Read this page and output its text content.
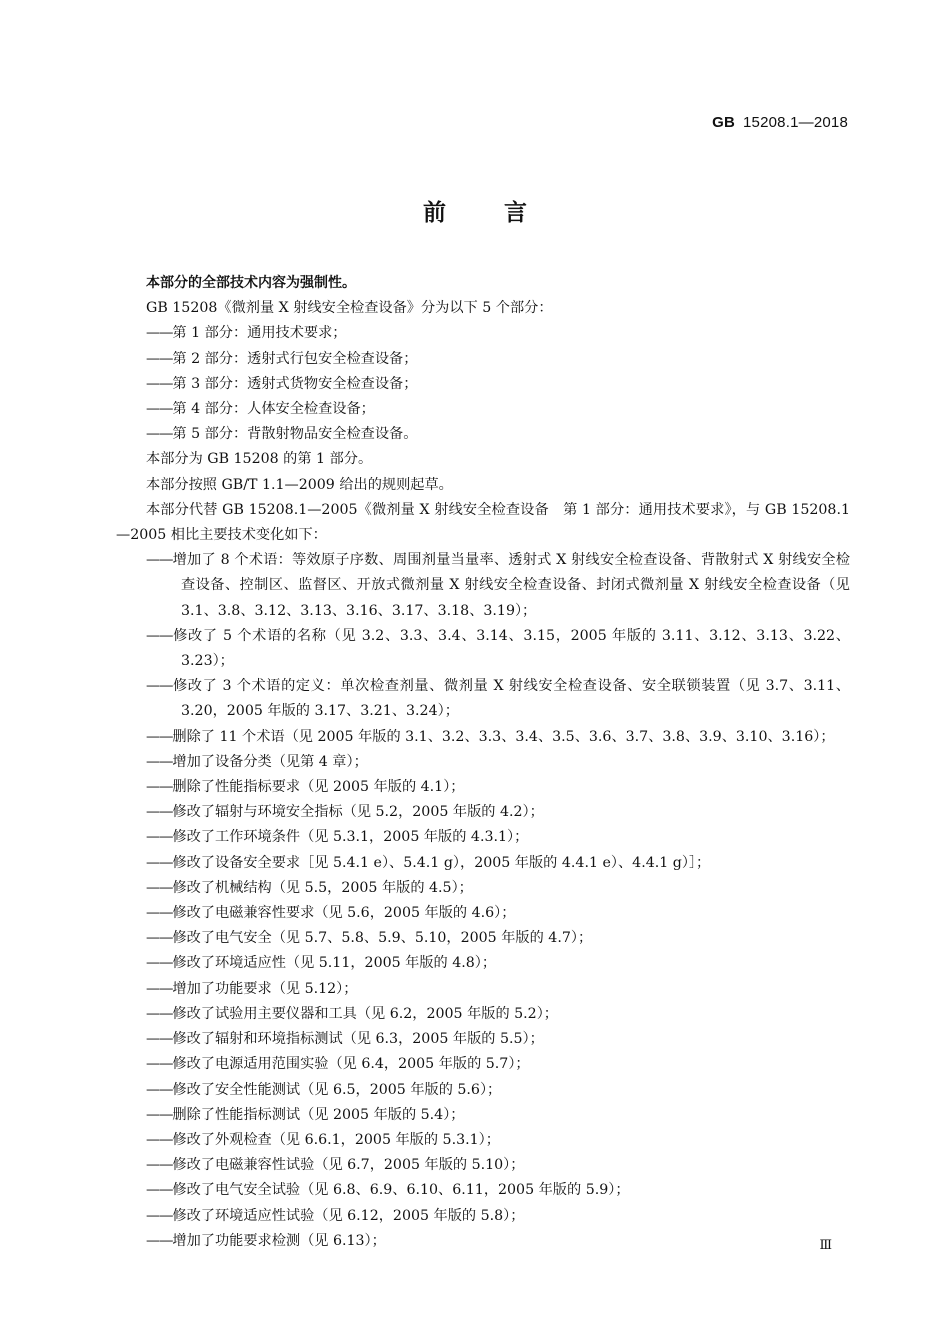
GB 15208.1—2018
前言

本部分的全部技术内容为强制性。

GB 15208《微剂量 X 射线安全检查设备》分为以下 5 个部分：

——第 1 部分：通用技术要求；
——第 2 部分：透射式行包安全检查设备；
——第 3 部分：透射式货物安全检查设备；
——第 4 部分：人体安全检查设备；
——第 5 部分：背散射物品安全检查设备。

本部分为 GB 15208 的第 1 部分。

本部分按照 GB/T 1.1—2009 给出的规则起草。

本部分代替 GB 15208.1—2005《微剂量 X 射线安全检查设备　第 1 部分：通用技术要求》，与 GB 15208.1—2005 相比主要技术变化如下：

——增加了 8 个术语：等效原子序数、周围剂量当量率、透射式 X 射线安全检查设备、背散射式 X 射线安全检查设备、控制区、监督区、开放式微剂量 X 射线安全检查设备、封闭式微剂量 X 射线安全检查设备（见 3.1、3.8、3.12、3.13、3.16、3.17、3.18、3.19）；
——修改了 5 个术语的名称（见 3.2、3.3、3.4、3.14、3.15，2005 年版的 3.11、3.12、3.13、3.22、3.23）；
——修改了 3 个术语的定义：单次检查剂量、微剂量 X 射线安全检查设备、安全联锁装置（见 3.7、3.11、3.20，2005 年版的 3.17、3.21、3.24）；
——删除了 11 个术语（见 2005 年版的 3.1、3.2、3.3、3.4、3.5、3.6、3.7、3.8、3.9、3.10、3.16）；
——增加了设备分类（见第 4 章）；
——删除了性能指标要求（见 2005 年版的 4.1）；
——修改了辐射与环境安全指标（见 5.2，2005 年版的 4.2）；
——修改了工作环境条件（见 5.3.1，2005 年版的 4.3.1）；
——修改了设备安全要求［见 5.4.1 e）、5.4.1 g），2005 年版的 4.4.1 e）、4.4.1 g）］；
——修改了机械结构（见 5.5，2005 年版的 4.5）；
——修改了电磁兼容性要求（见 5.6，2005 年版的 4.6）；
——修改了电气安全（见 5.7、5.8、5.9、5.10，2005 年版的 4.7）；
——修改了环境适应性（见 5.11，2005 年版的 4.8）；
——增加了功能要求（见 5.12）；
——修改了试验用主要仪器和工具（见 6.2，2005 年版的 5.2）；
——修改了辐射和环境指标测试（见 6.3，2005 年版的 5.5）；
——修改了电源适用范围实验（见 6.4，2005 年版的 5.7）；
——修改了安全性能测试（见 6.5，2005 年版的 5.6）；
——删除了性能指标测试（见 2005 年版的 5.4）；
——修改了外观检查（见 6.6.1，2005 年版的 5.3.1）；
——修改了电磁兼容性试验（见 6.7，2005 年版的 5.10）；
——修改了电气安全试验（见 6.8、6.9、6.10、6.11，2005 年版的 5.9）；
——修改了环境适应性试验（见 6.12，2005 年版的 5.8）；
——增加了功能要求检测（见 6.13）；	Ⅲ
